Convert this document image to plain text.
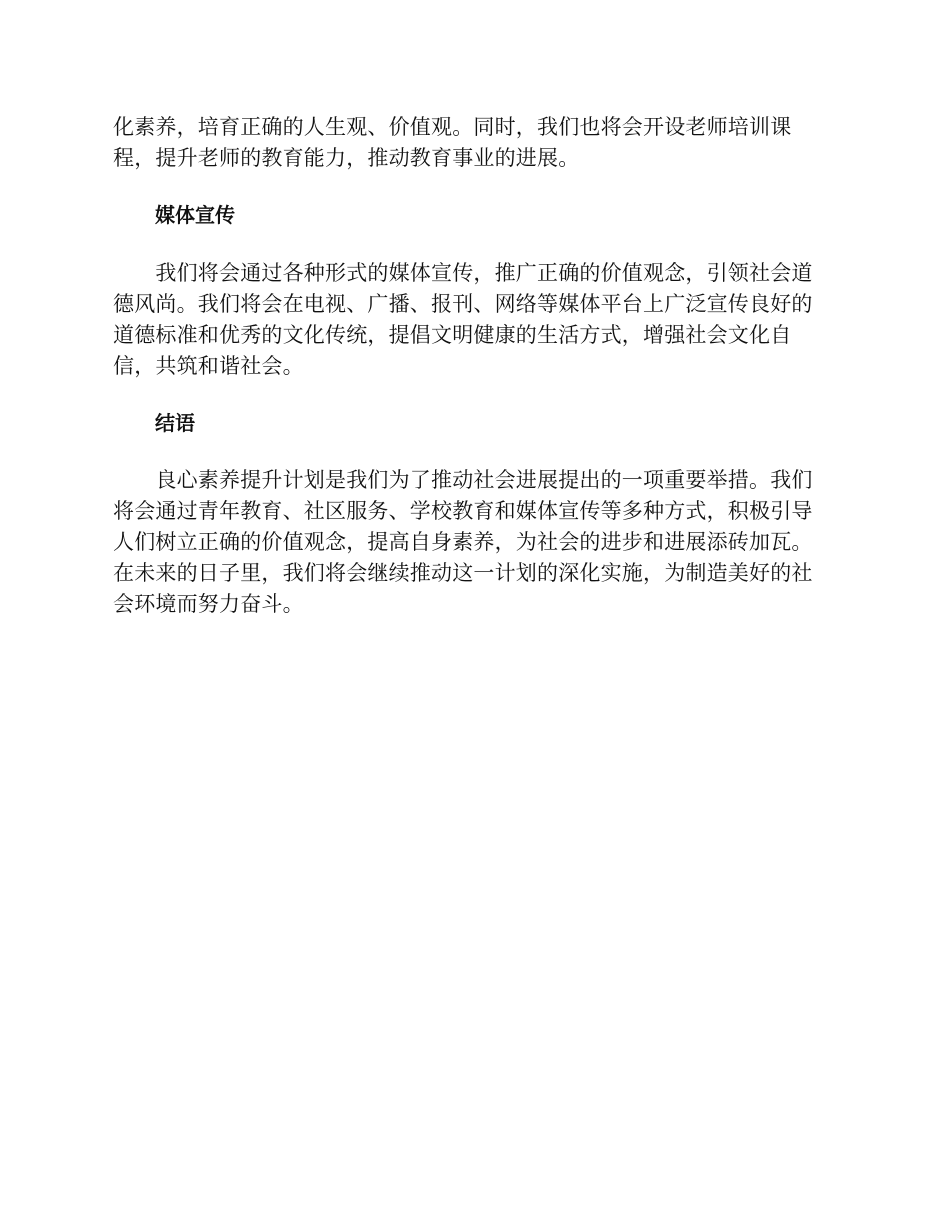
化素养，培育正确的人生观、价值观。同时，我们也将会开设老师培训课
程，提升老师的教育能力，推动教育事业的进展。

媒体宣传

　　我们将会通过各种形式的媒体宣传，推广正确的价值观念，引领社会道
德风尚。我们将会在电视、广播、报刊、网络等媒体平台上广泛宣传良好的
道德标准和优秀的文化传统，提倡文明健康的生活方式，增强社会文化自
信，共筑和谐社会。

结语

　　良心素养提升计划是我们为了推动社会进展提出的一项重要举措。我们
将会通过青年教育、社区服务、学校教育和媒体宣传等多种方式，积极引导
人们树立正确的价值观念，提高自身素养，为社会的进步和进展添砖加瓦。
在未来的日子里，我们将会继续推动这一计划的深化实施，为制造美好的社
会环境而努力奋斗。
